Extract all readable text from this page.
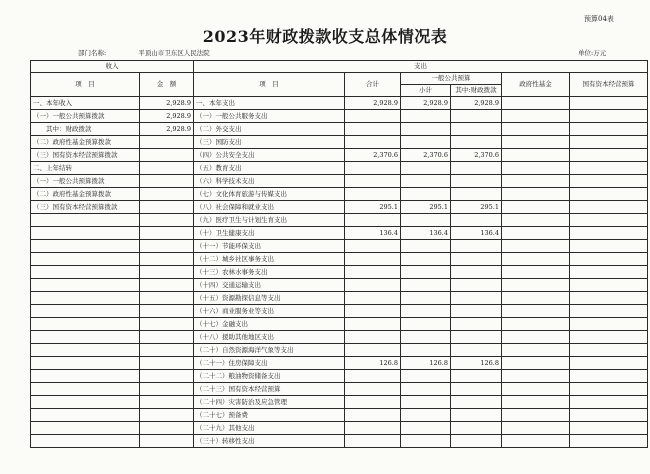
预算04表
2023年财政拨款收支总体情况表
部门名称:	平顶山市卫东区人民法院	单位:万元
收入		支出					
项　目	金　额	项　目	合计	一般公共预算		政府性基金	国有资本经营预算
				小计	其中:财政拨款		
一、本年收入	2,928.9	一、本年支出	2,928.9	2,928.9	2,928.9		
（一）一般公共预算拨款	2,928.9	（一）一般公共服务支出					
　　其中：财政拨款	2,928.9	（二）外交支出					
（二）政府性基金预算拨款		（三）国防支出					
（三）国有资本经营预算拨款		（四）公共安全支出	2,370.6	2,370.6	2,370.6		
二、上年结转		（五）教育支出					
（一）一般公共预算拨款		（六）科学技术支出					
（二）政府性基金预算拨款		（七）文化体育旅游与传媒支出					
（三）国有资本经营预算拨款		（八）社会保障和就业支出	295.1	295.1	295.1		
		（九）医疗卫生与计划生育支出					
		（十）卫生健康支出	136.4	136.4	136.4		
		（十一）节能环保支出					
		（十二）城乡社区事务支出					
		（十三）农林水事务支出					
		（十四）交通运输支出					
		（十五）资源勘探信息等支出					
		（十六）商业服务业等支出					
		（十七）金融支出					
		（十八）援助其他地区支出					
		（二十）自然资源海洋气象等支出					
		（二十一）住房保障支出	126.8	126.8	126.8		
		（二十二）粮油物资储备支出					
		（二十三）国有资本经营预算					
		（二十四）灾害防治及应急管理					
		（二十七）预备费					
		（二十九）其他支出					
		（三十）转移性支出					
